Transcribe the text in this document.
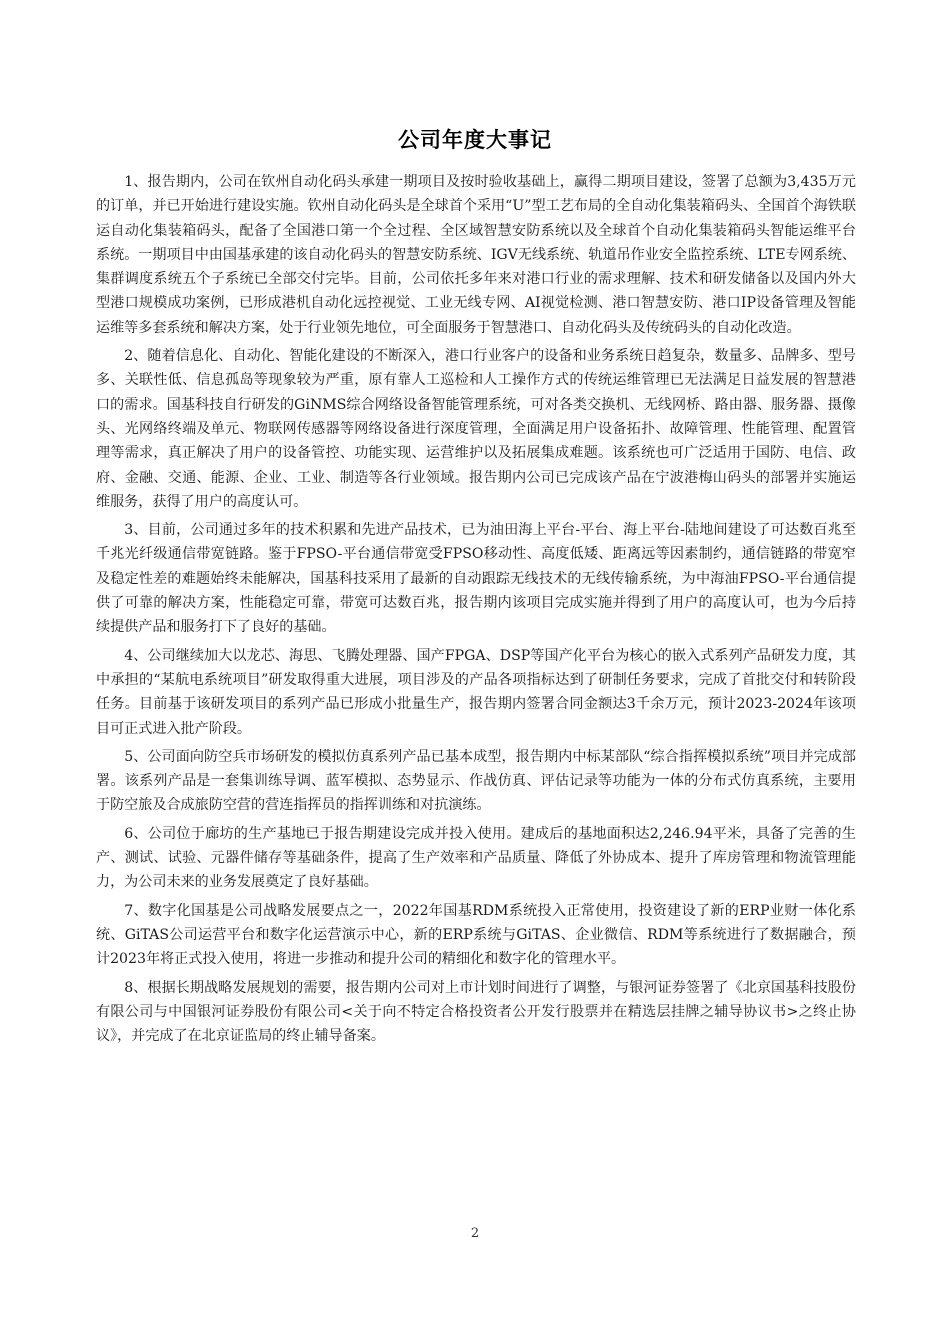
公司年度大事记

1、报告期内，公司在钦州自动化码头承建一期项目及按时验收基础上，赢得二期项目建设，签署了总额为3,435万元的订单，并已开始进行建设实施。钦州自动化码头是全球首个采用“U”型工艺布局的全自动化集装箱码头、全国首个海铁联运自动化集装箱码头，配备了全国港口第一个全过程、全区域智慧安防系统以及全球首个自动化集装箱码头智能运维平台系统。一期项目中由国基承建的该自动化码头的智慧安防系统、IGV无线系统、轨道吊作业安全监控系统、LTE专网系统、集群调度系统五个子系统已全部交付完毕。目前，公司依托多年来对港口行业的需求理解、技术和研发储备以及国内外大型港口规模成功案例，已形成港机自动化远控视觉、工业无线专网、AI视觉检测、港口智慧安防、港口IP设备管理及智能运维等多套系统和解决方案，处于行业领先地位，可全面服务于智慧港口、自动化码头及传统码头的自动化改造。

2、随着信息化、自动化、智能化建设的不断深入，港口行业客户的设备和业务系统日趋复杂，数量多、品牌多、型号多、关联性低、信息孤岛等现象较为严重，原有靠人工巡检和人工操作方式的传统运维管理已无法满足日益发展的智慧港口的需求。国基科技自行研发的GiNMS综合网络设备智能管理系统，可对各类交换机、无线网桥、路由器、服务器、摄像头、光网络终端及单元、物联网传感器等网络设备进行深度管理，全面满足用户设备拓扑、故障管理、性能管理、配置管理等需求，真正解决了用户的设备管控、功能实现、运营维护以及拓展集成难题。该系统也可广泛适用于国防、电信、政府、金融、交通、能源、企业、工业、制造等各行业领域。报告期内公司已完成该产品在宁波港梅山码头的部署并实施运维服务，获得了用户的高度认可。

3、目前，公司通过多年的技术积累和先进产品技术，已为油田海上平台-平台、海上平台-陆地间建设了可达数百兆至千兆光纤级通信带宽链路。鉴于FPSO-平台通信带宽受FPSO移动性、高度低矮、距离远等因素制约，通信链路的带宽窄及稳定性差的难题始终未能解决，国基科技采用了最新的自动跟踪无线技术的无线传输系统，为中海油FPSO-平台通信提供了可靠的解决方案，性能稳定可靠，带宽可达数百兆，报告期内该项目完成实施并得到了用户的高度认可，也为今后持续提供产品和服务打下了良好的基础。

4、公司继续加大以龙芯、海思、飞腾处理器、国产FPGA、DSP等国产化平台为核心的嵌入式系列产品研发力度，其中承担的“某航电系统项目”研发取得重大进展，项目涉及的产品各项指标达到了研制任务要求，完成了首批交付和转阶段任务。目前基于该研发项目的系列产品已形成小批量生产，报告期内签署合同金额达3千余万元，预计2023-2024年该项目可正式进入批产阶段。

5、公司面向防空兵市场研发的模拟仿真系列产品已基本成型，报告期内中标某部队“综合指挥模拟系统”项目并完成部署。该系列产品是一套集训练导调、蓝军模拟、态势显示、作战仿真、评估记录等功能为一体的分布式仿真系统，主要用于防空旅及合成旅防空营的营连指挥员的指挥训练和对抗演练。

6、公司位于廊坊的生产基地已于报告期建设完成并投入使用。建成后的基地面积达2,246.94平米，具备了完善的生产、测试、试验、元器件储存等基础条件，提高了生产效率和产品质量、降低了外协成本、提升了库房管理和物流管理能力，为公司未来的业务发展奠定了良好基础。

7、数字化国基是公司战略发展要点之一，2022年国基RDM系统投入正常使用，投资建设了新的ERP业财一体化系统、GiTAS公司运营平台和数字化运营演示中心，新的ERP系统与GiTAS、企业微信、RDM等系统进行了数据融合，预计2023年将正式投入使用，将进一步推动和提升公司的精细化和数字化的管理水平。

8、根据长期战略发展规划的需要，报告期内公司对上市计划时间进行了调整，与银河证券签署了《北京国基科技股份有限公司与中国银河证券股份有限公司<关于向不特定合格投资者公开发行股票并在精选层挂牌之辅导协议书>之终止协议》，并完成了在北京证监局的终止辅导备案。

2
